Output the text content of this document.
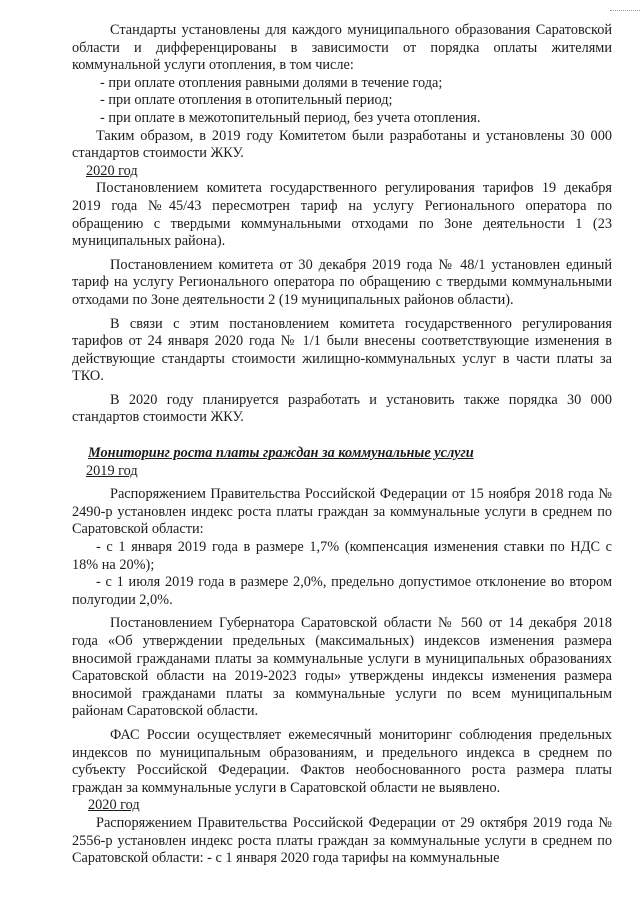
Стандарты установлены для каждого муниципального образования Саратовской области и дифференцированы в зависимости от порядка оплаты жителями коммунальной услуги отопления, в том числе:

- при оплате отопления равными долями в течение года;

- при оплате отопления в отопительный период;

- при оплате в межотопительный период, без учета отопления.

Таким образом, в 2019 году Комитетом были разработаны и установлены 30 000 стандартов стоимости ЖКУ.

2020 год

Постановлением комитета государственного регулирования тарифов 19 декабря 2019 года №45/43 пересмотрен тариф на услугу Регионального оператора по обращению с твердыми коммунальными отходами по Зоне деятельности 1 (23 муниципальных района).

Постановлением комитета от 30 декабря 2019 года № 48/1 установлен единый тариф на услугу Регионального оператора по обращению с твердыми коммунальными отходами по Зоне деятельности 2 (19 муниципальных районов области).

В связи с этим постановлением комитета государственного регулирования тарифов от 24 января 2020 года № 1/1 были внесены соответствующие изменения в действующие стандарты стоимости жилищно-коммунальных услуг в части платы за ТКО.

В 2020 году планируется разработать и установить также порядка 30 000 стандартов стоимости ЖКУ.

Мониторинг роста платы граждан за коммунальные услуги

2019 год

Распоряжением Правительства Российской Федерации от 15 ноября 2018 года № 2490-р установлен индекс роста платы граждан за коммунальные услуги в среднем по Саратовской области:

- с 1 января 2019 года в размере 1,7% (компенсация изменения ставки по НДС с 18% на 20%);

- с 1 июля 2019 года в размере 2,0%, предельно допустимое отклонение во втором полугодии 2,0%.

Постановлением Губернатора Саратовской области № 560 от 14 декабря 2018 года «Об утверждении предельных (максимальных) индексов изменения размера вносимой гражданами платы за коммунальные услуги в муниципальных образованиях Саратовской области на 2019-2023 годы» утверждены индексы изменения размера вносимой гражданами платы за коммунальные услуги по всем муниципальным районам Саратовской области.

ФАС России осуществляет ежемесячный мониторинг соблюдения предельных индексов по муниципальным образованиям, и предельного индекса в среднем по субъекту Российской Федерации. Фактов необоснованного роста размера платы граждан за коммунальные услуги в Саратовской области не выявлено.

2020 год

Распоряжением Правительства Российской Федерации от 29 октября 2019 года № 2556-р установлен индекс роста платы граждан за коммунальные услуги в среднем по Саратовской области: - с 1 января 2020 года тарифы на коммунальные
